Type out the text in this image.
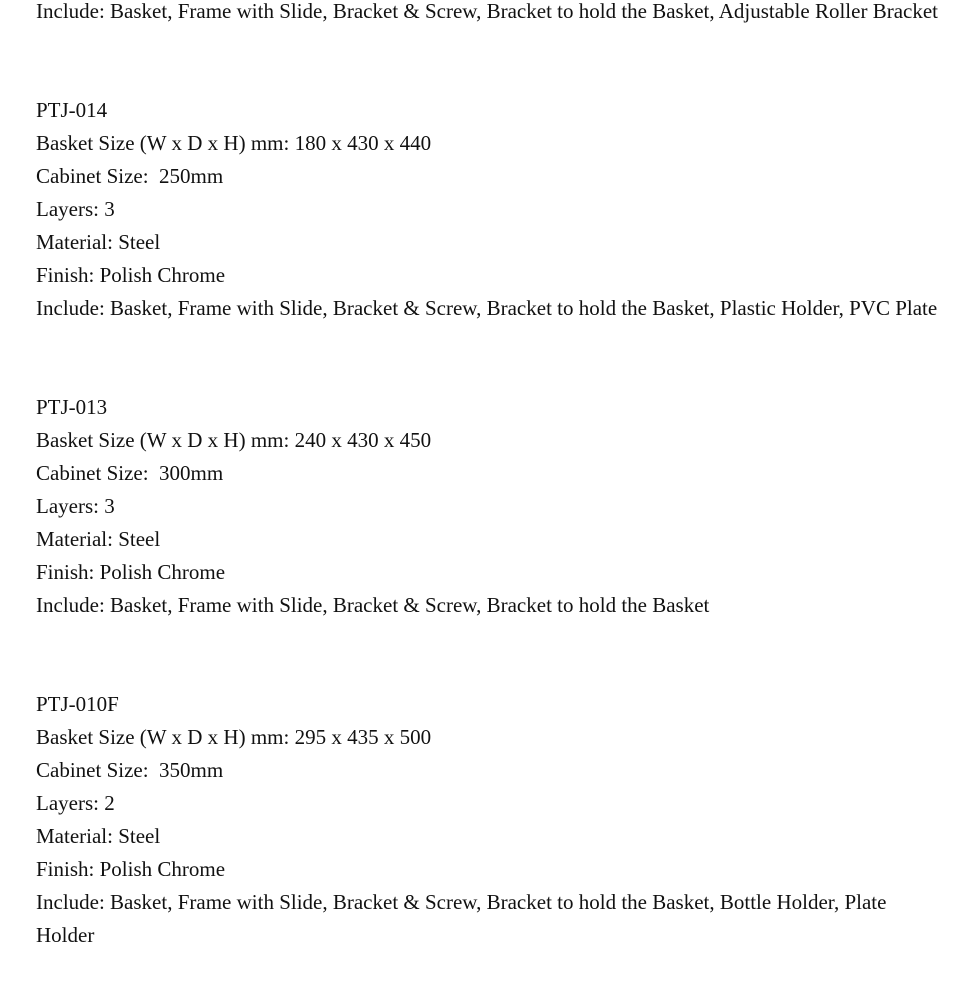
Include: Basket, Frame with Slide, Bracket & Screw, Bracket to hold the Basket, Adjustable Roller Bracket
PTJ-014
Basket Size (W x D x H) mm: 180 x 430 x 440
Cabinet Size:  250mm
Layers: 3
Material: Steel
Finish: Polish Chrome
Include: Basket, Frame with Slide, Bracket & Screw, Bracket to hold the Basket, Plastic Holder, PVC Plate
PTJ-013
Basket Size (W x D x H) mm: 240 x 430 x 450
Cabinet Size:  300mm
Layers: 3
Material: Steel
Finish: Polish Chrome
Include: Basket, Frame with Slide, Bracket & Screw, Bracket to hold the Basket
PTJ-010F
Basket Size (W x D x H) mm: 295 x 435 x 500
Cabinet Size:  350mm
Layers: 2
Material: Steel
Finish: Polish Chrome
Include: Basket, Frame with Slide, Bracket & Screw, Bracket to hold the Basket, Bottle Holder, Plate Holder
